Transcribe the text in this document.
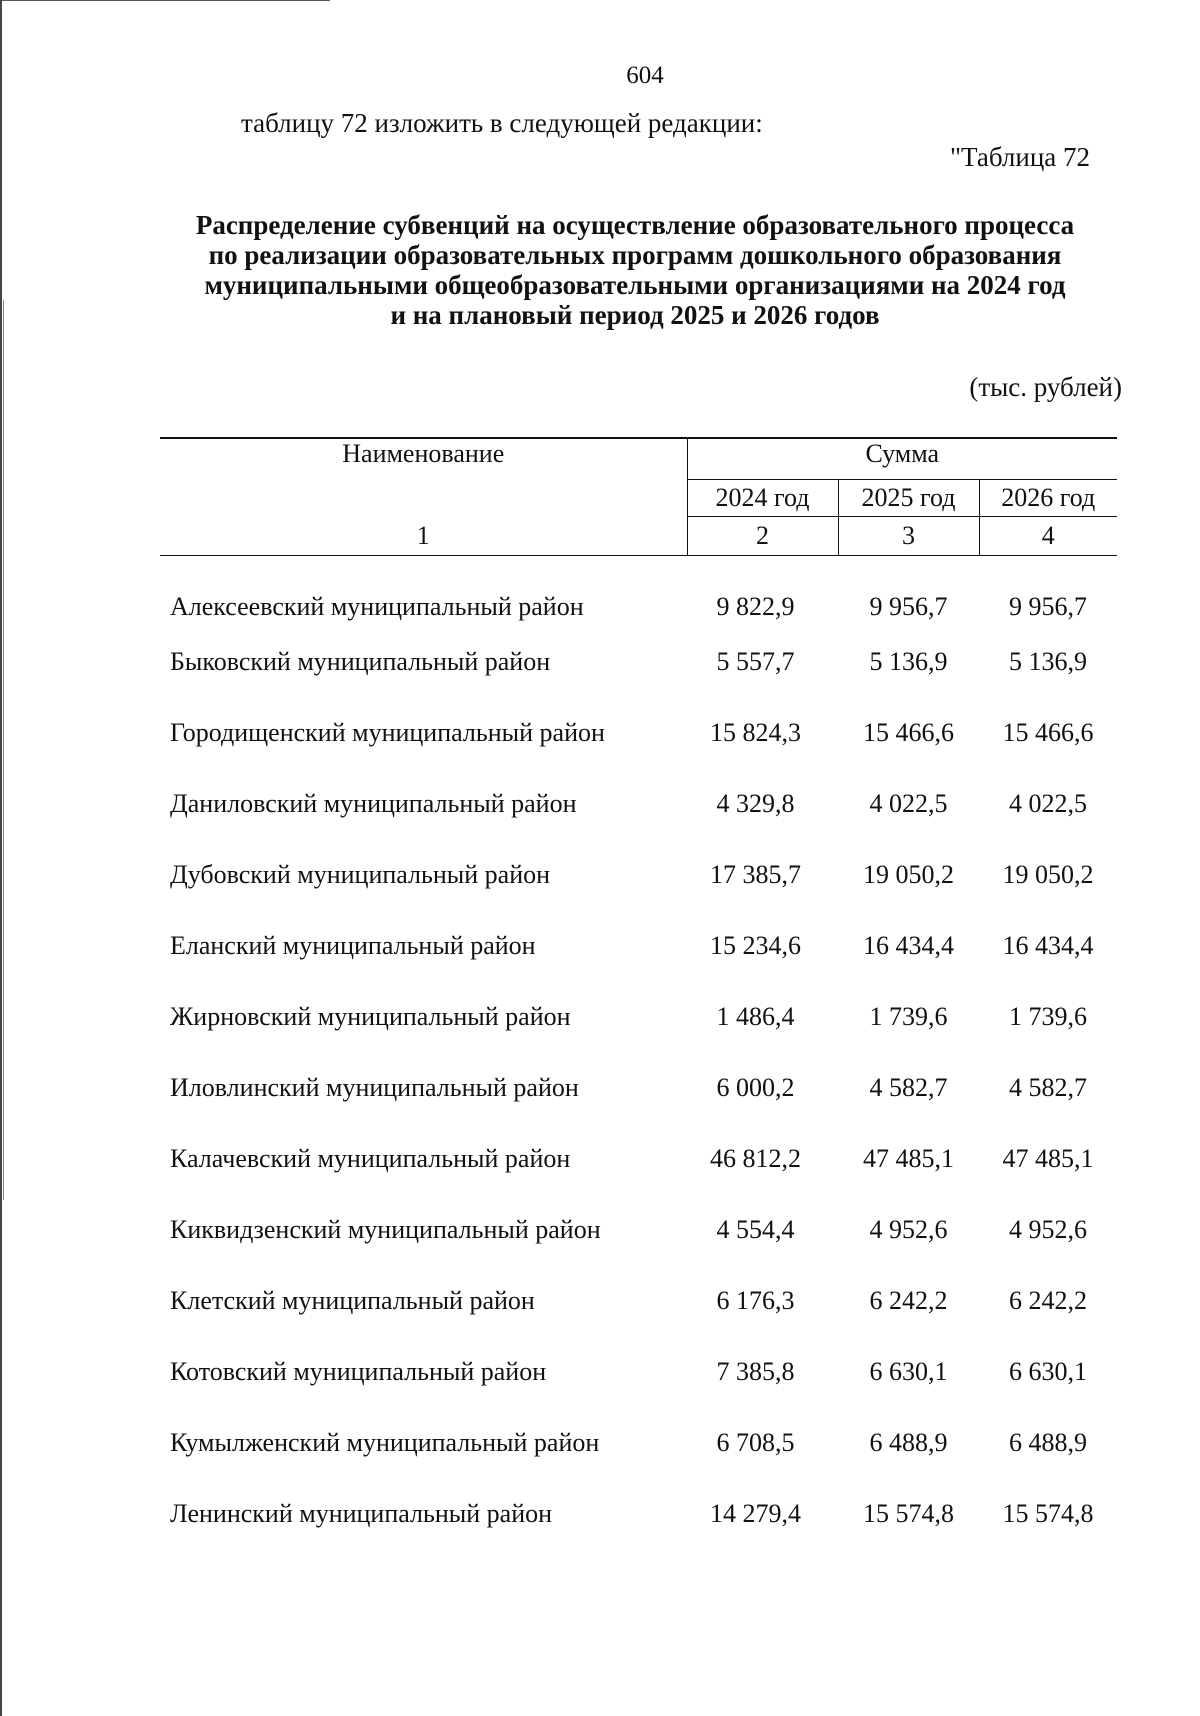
604
таблицу 72 изложить в следующей редакции:
"Таблица 72
Распределение субвенций на осуществление образовательного процесса
по реализации образовательных программ дошкольного образования
муниципальными общеобразовательными организациями на 2024 год
и на плановый период 2025 и 2026 годов
(тыс. рублей)
Наименование	Сумма		
	2024 год	2025 год	2026 год
1	2	3	4
Алексеевский муниципальный район	9 822,9	9 956,7	9 956,7
Быковский муниципальный район	5 557,7	5 136,9	5 136,9
Городищенский муниципальный район	15 824,3	15 466,6	15 466,6
Даниловский муниципальный район	4 329,8	4 022,5	4 022,5
Дубовский муниципальный район	17 385,7	19 050,2	19 050,2
Еланский муниципальный район	15 234,6	16 434,4	16 434,4
Жирновский муниципальный район	1 486,4	1 739,6	1 739,6
Иловлинский муниципальный район	6 000,2	4 582,7	4 582,7
Калачевский муниципальный район	46 812,2	47 485,1	47 485,1
Киквидзенский муниципальный район	4 554,4	4 952,6	4 952,6
Клетский муниципальный район	6 176,3	6 242,2	6 242,2
Котовский муниципальный район	7 385,8	6 630,1	6 630,1
Кумылженский муниципальный район	6 708,5	6 488,9	6 488,9
Ленинский муниципальный район	14 279,4	15 574,8	15 574,8
